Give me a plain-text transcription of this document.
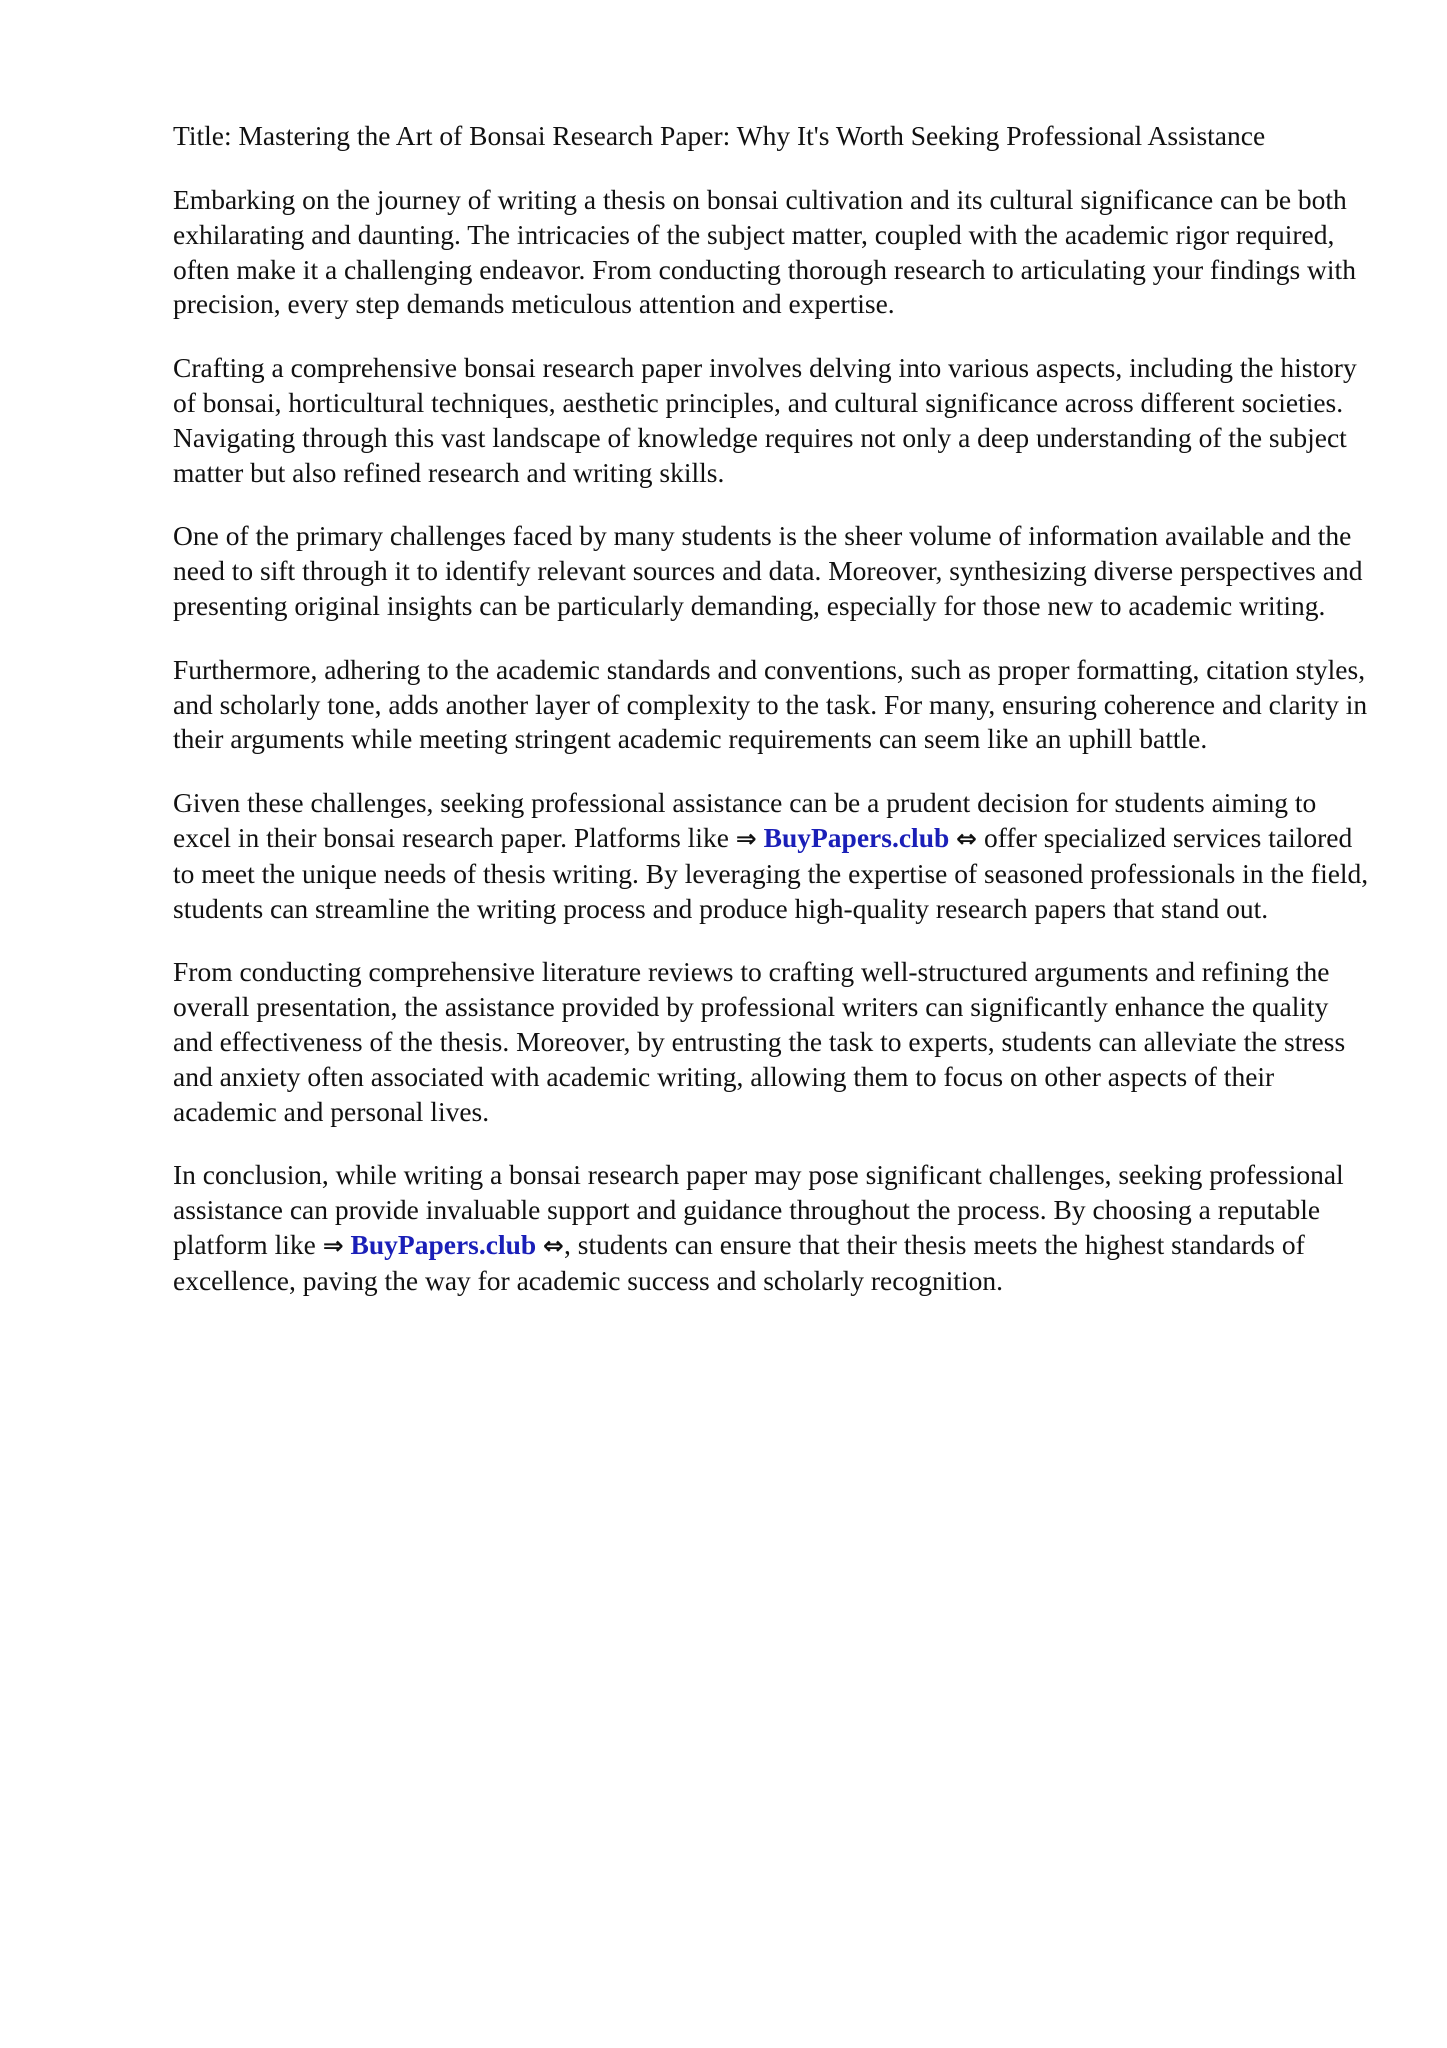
Title: Mastering the Art of Bonsai Research Paper: Why It's Worth Seeking Professional Assistance

Embarking on the journey of writing a thesis on bonsai cultivation and its cultural significance can be both exhilarating and daunting. The intricacies of the subject matter, coupled with the academic rigor required, often make it a challenging endeavor. From conducting thorough research to articulating your findings with precision, every step demands meticulous attention and expertise.

Crafting a comprehensive bonsai research paper involves delving into various aspects, including the history of bonsai, horticultural techniques, aesthetic principles, and cultural significance across different societies. Navigating through this vast landscape of knowledge requires not only a deep understanding of the subject matter but also refined research and writing skills.

One of the primary challenges faced by many students is the sheer volume of information available and the need to sift through it to identify relevant sources and data. Moreover, synthesizing diverse perspectives and presenting original insights can be particularly demanding, especially for those new to academic writing.

Furthermore, adhering to the academic standards and conventions, such as proper formatting, citation styles, and scholarly tone, adds another layer of complexity to the task. For many, ensuring coherence and clarity in their arguments while meeting stringent academic requirements can seem like an uphill battle.

Given these challenges, seeking professional assistance can be a prudent decision for students aiming to excel in their bonsai research paper. Platforms like ⇒ BuyPapers.club ⇔ offer specialized services tailored to meet the unique needs of thesis writing. By leveraging the expertise of seasoned professionals in the field, students can streamline the writing process and produce high-quality research papers that stand out.

From conducting comprehensive literature reviews to crafting well-structured arguments and refining the overall presentation, the assistance provided by professional writers can significantly enhance the quality and effectiveness of the thesis. Moreover, by entrusting the task to experts, students can alleviate the stress and anxiety often associated with academic writing, allowing them to focus on other aspects of their academic and personal lives.

In conclusion, while writing a bonsai research paper may pose significant challenges, seeking professional assistance can provide invaluable support and guidance throughout the process. By choosing a reputable platform like ⇒ BuyPapers.club ⇔, students can ensure that their thesis meets the highest standards of excellence, paving the way for academic success and scholarly recognition.
